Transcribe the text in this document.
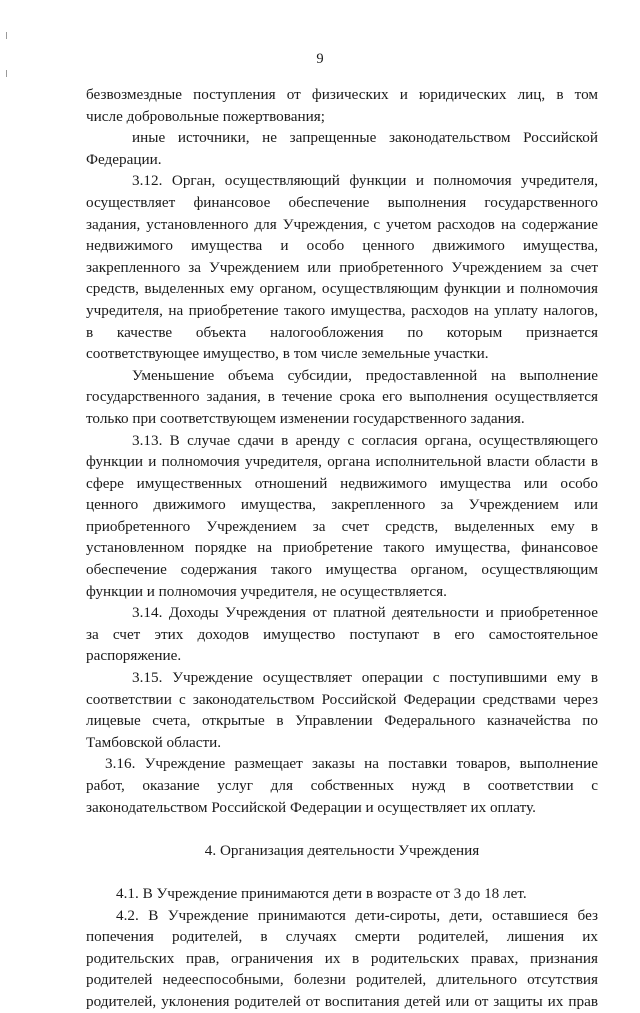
9
безвозмездные поступления от физических и юридических лиц, в том
числе добровольные пожертвования;
иные источники, не запрещенные законодательством Российской
Федерации.
3.12. Орган, осуществляющий функции и полномочия учредителя,
осуществляет финансовое обеспечение выполнения государственного
задания, установленного для Учреждения, с учетом расходов на содержание
недвижимого имущества и особо ценного движимого имущества,
закрепленного за Учреждением или приобретенного Учреждением за счет
средств, выделенных ему органом, осуществляющим функции и полномочия
учредителя, на приобретение такого имущества, расходов на уплату налогов,
в качестве объекта налогообложения по которым признается
соответствующее имущество, в том числе земельные участки.
Уменьшение объема субсидии, предоставленной на выполнение
государственного задания, в течение срока его выполнения осуществляется
только при соответствующем изменении государственного задания.
3.13. В случае сдачи в аренду с согласия органа, осуществляющего
функции и полномочия учредителя, органа исполнительной власти области в
сфере имущественных отношений недвижимого имущества или особо
ценного движимого имущества, закрепленного за Учреждением или
приобретенного Учреждением за счет средств, выделенных ему в
установленном порядке на приобретение такого имущества, финансовое
обеспечение содержания такого имущества органом, осуществляющим
функции и полномочия учредителя, не осуществляется.
3.14. Доходы Учреждения от платной деятельности и приобретенное
за счет этих доходов имущество поступают в его самостоятельное
распоряжение.
3.15. Учреждение осуществляет операции с поступившими ему в
соответствии с законодательством Российской Федерации средствами через
лицевые счета, открытые в Управлении Федерального казначейства по
Тамбовской области.
3.16. Учреждение размещает заказы на поставки товаров, выполнение
работ, оказание услуг для собственных нужд в соответствии с
законодательством Российской Федерации и осуществляет их оплату.
4. Организация деятельности Учреждения
4.1. В Учреждение принимаются дети в возрасте от 3 до 18 лет.
4.2. В Учреждение принимаются дети-сироты, дети, оставшиеся без
попечения родителей, в случаях смерти родителей, лишения их
родительских прав, ограничения их в родительских правах, признания
родителей недееспособными, болезни родителей, длительного отсутствия
родителей, уклонения родителей от воспитания детей или от защиты их прав
